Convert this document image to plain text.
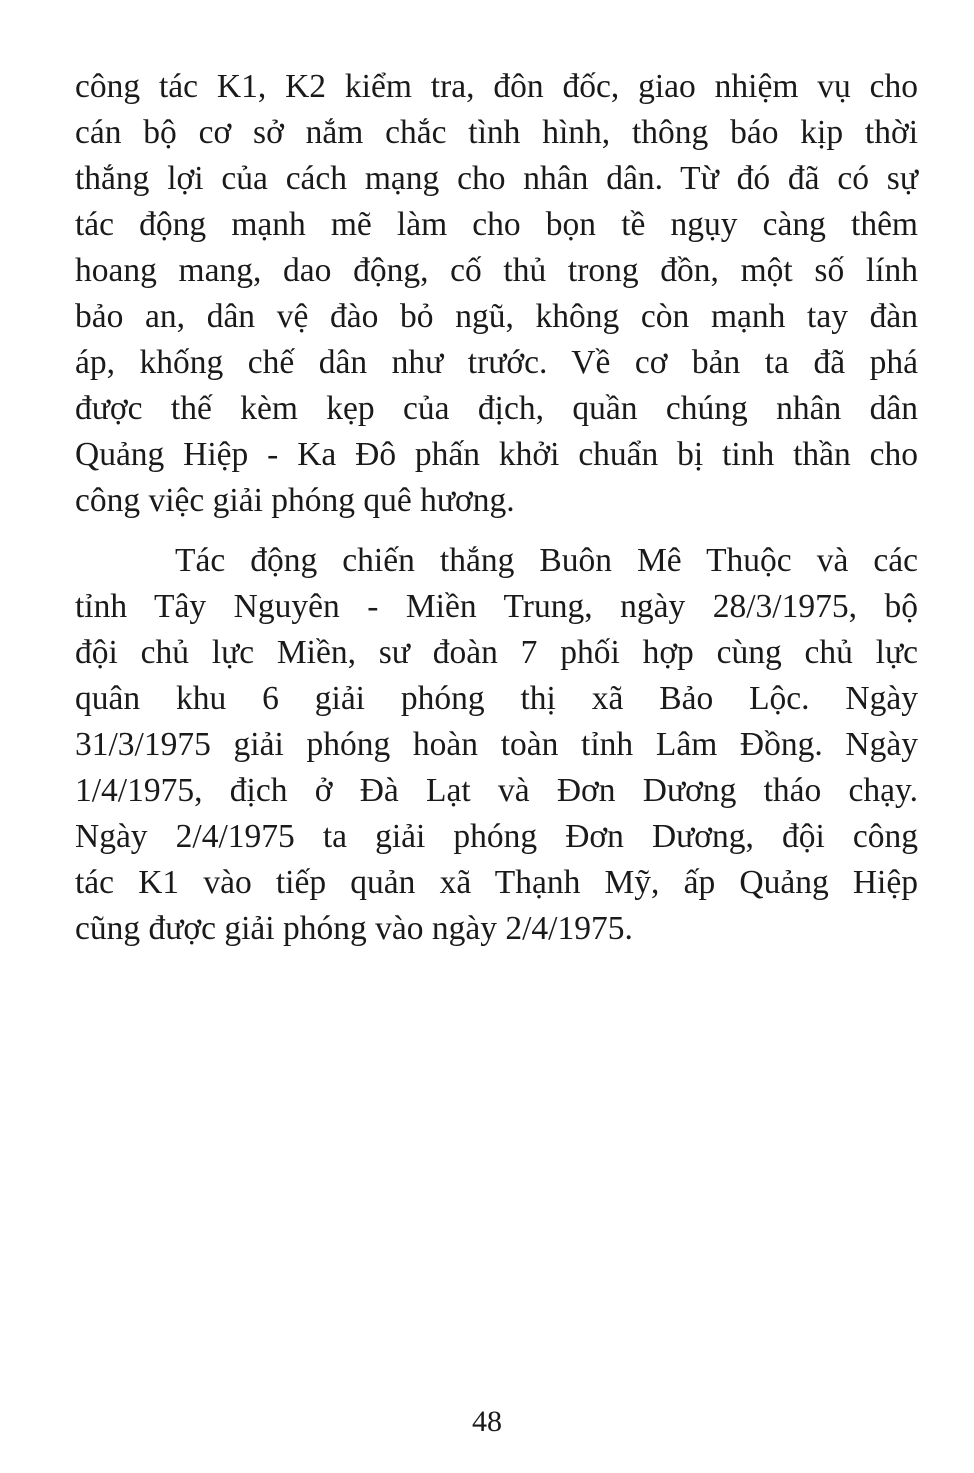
công tác K1, K2 kiểm tra, đôn đốc, giao nhiệm vụ cho
cán bộ cơ sở nắm chắc tình hình, thông báo kịp thời
thắng lợi của cách mạng cho nhân dân. Từ đó đã có sự
tác động mạnh mẽ làm cho bọn tề ngụy càng thêm
hoang mang, dao động, cố thủ trong đồn, một số lính
bảo an, dân vệ đào bỏ ngũ, không còn mạnh tay đàn
áp, khống chế dân như trước. Về cơ bản ta đã phá
được thế kèm kẹp của địch, quần chúng nhân dân
Quảng Hiệp - Ka Đô phấn khởi chuẩn bị tinh thần cho
công việc giải phóng quê hương.

Tác động chiến thắng Buôn Mê Thuộc và các
tỉnh Tây Nguyên - Miền Trung, ngày 28/3/1975, bộ
đội chủ lực Miền, sư đoàn 7 phối hợp cùng chủ lực
quân khu 6 giải phóng thị xã Bảo Lộc. Ngày
31/3/1975 giải phóng hoàn toàn tỉnh Lâm Đồng. Ngày
1/4/1975, địch ở Đà Lạt và Đơn Dương tháo chạy.
Ngày 2/4/1975 ta giải phóng Đơn Dương, đội công
tác K1 vào tiếp quản xã Thạnh Mỹ, ấp Quảng Hiệp
cũng được giải phóng vào ngày 2/4/1975.

48
